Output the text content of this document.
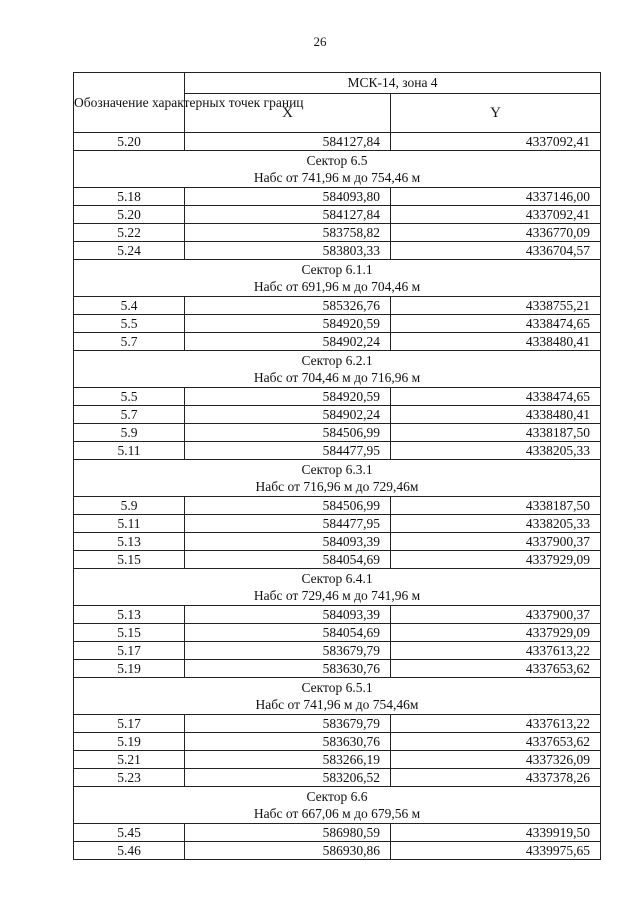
26
Обозначение характерных точек границ	МСК-14, зона 4	
	X	Y
5.20	584127,84	4337092,41

Сектор 6.5
Набс от 741,96 м до 754,46 м		

5.18	584093,80	4337146,00
5.20	584127,84	4337092,41
5.22	583758,82	4336770,09
5.24	583803,33	4336704,57

Сектор 6.1.1
Набс от 691,96 м до 704,46 м		

5.4	585326,76	4338755,21
5.5	584920,59	4338474,65
5.7	584902,24	4338480,41

Сектор 6.2.1
Набс от 704,46 м до 716,96 м		

5.5	584920,59	4338474,65
5.7	584902,24	4338480,41
5.9	584506,99	4338187,50
5.11	584477,95	4338205,33

Сектор 6.3.1
Набс от 716,96 м до 729,46м		

5.9	584506,99	4338187,50
5.11	584477,95	4338205,33
5.13	584093,39	4337900,37
5.15	584054,69	4337929,09

Сектор 6.4.1
Набс от 729,46 м до 741,96 м		

5.13	584093,39	4337900,37
5.15	584054,69	4337929,09
5.17	583679,79	4337613,22
5.19	583630,76	4337653,62

Сектор 6.5.1
Набс от 741,96 м до 754,46м		

5.17	583679,79	4337613,22
5.19	583630,76	4337653,62
5.21	583266,19	4337326,09
5.23	583206,52	4337378,26

Сектор 6.6
Набс от 667,06 м до 679,56 м		

5.45	586980,59	4339919,50
5.46	586930,86	4339975,65
